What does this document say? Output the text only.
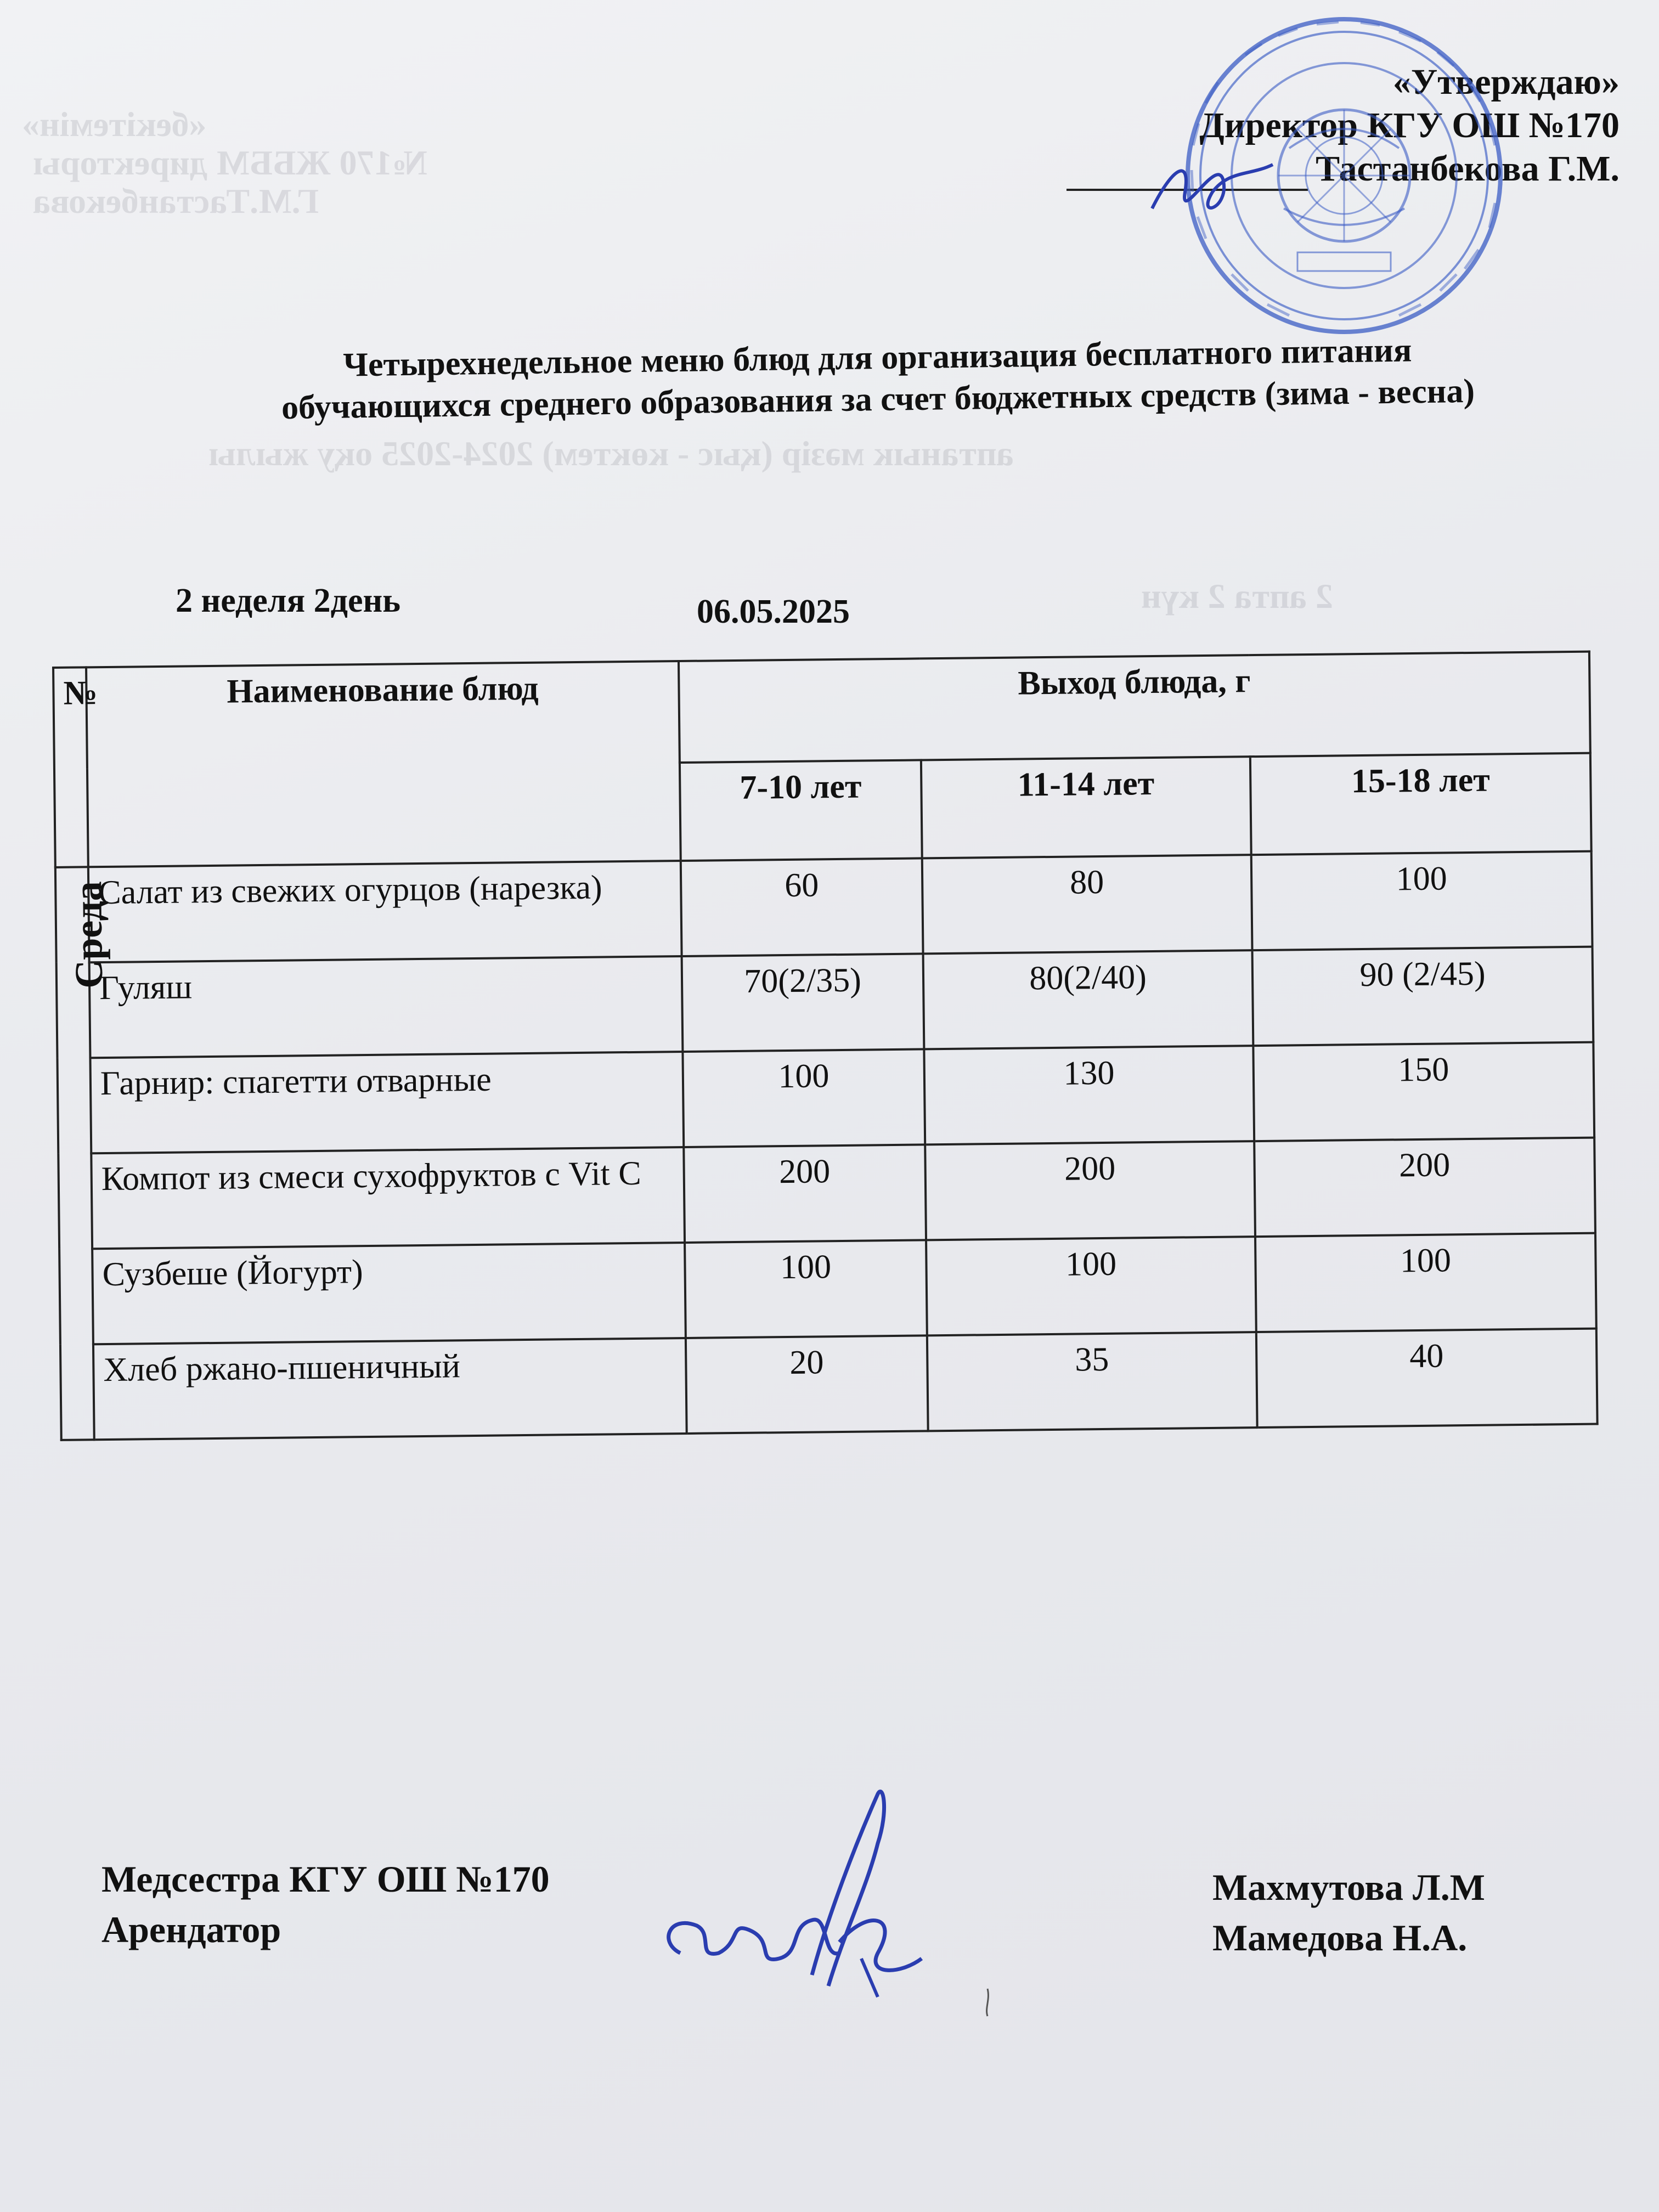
«бекітемін»
№170 ЖББМ директоры
Г.М.Тастанбекова
аптанык мәзір (қыс - көктем) 2024-2025 оқу жылы
2 апта 2 күн
«Утверждаю»
Директор КГУ ОШ №170
Тастанбекова Г.М.
Четырехнедельное меню блюд для организация бесплатного питания
обучающихся среднего образования за счет бюджетных средств (зима - весна)
2 неделя 2день	06.05.2025
№	Наименование блюд	Выход блюда, г		
		7-10 лет	11-14 лет	15-18 лет
Среда	Салат из свежих огурцов (нарезка)	60	80	100
	Гуляш	70(2/35)	80(2/40)	90 (2/45)
	Гарнир: спагетти отварные	100	130	150
	Компот из смеси сухофруктов с Vit C	200	200	200
	Сузбеше (Йогурт)	100	100	100
	Хлеб ржано-пшеничный	20	35	40
Медсестра КГУ ОШ №170
Арендатор
Махмутова Л.М
Мамедова Н.А.
